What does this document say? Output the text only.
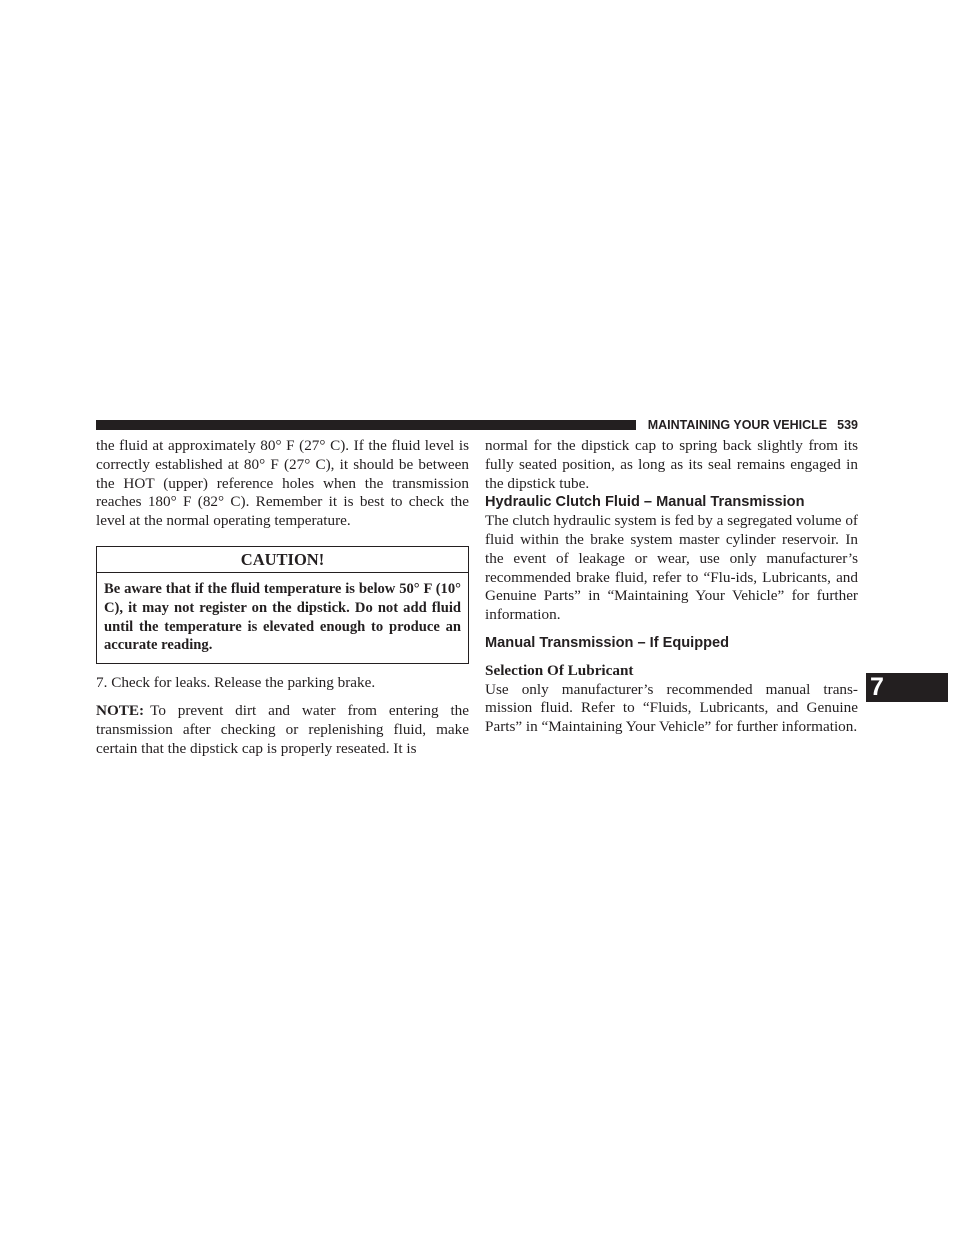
MAINTAINING YOUR VEHICLE 539

the fluid at approximately 80° F (27° C). If the fluid level is correctly established at 80° F (27° C), it should be between the HOT (upper) reference holes when the transmission reaches 180° F (82° C). Remember it is best to check the level at the normal operating temperature.

CAUTION!
Be aware that if the fluid temperature is below 50° F (10° C), it may not register on the dipstick. Do not add fluid until the temperature is elevated enough to produce an accurate reading.

7. Check for leaks. Release the parking brake.

NOTE: To prevent dirt and water from entering the transmission after checking or replenishing fluid, make certain that the dipstick cap is properly reseated. It is

normal for the dipstick cap to spring back slightly from its fully seated position, as long as its seal remains engaged in the dipstick tube.

Hydraulic Clutch Fluid – Manual Transmission

The clutch hydraulic system is fed by a segregated volume of fluid within the brake system master cylinder reservoir. In the event of leakage or wear, use only manufacturer’s recommended brake fluid, refer to “Flu-ids, Lubricants, and Genuine Parts” in “Maintaining Your Vehicle” for further information.

Manual Transmission – If Equipped

Selection Of Lubricant

Use only manufacturer’s recommended manual trans-mission fluid. Refer to “Fluids, Lubricants, and Genuine Parts” in “Maintaining Your Vehicle” for further information.

7
